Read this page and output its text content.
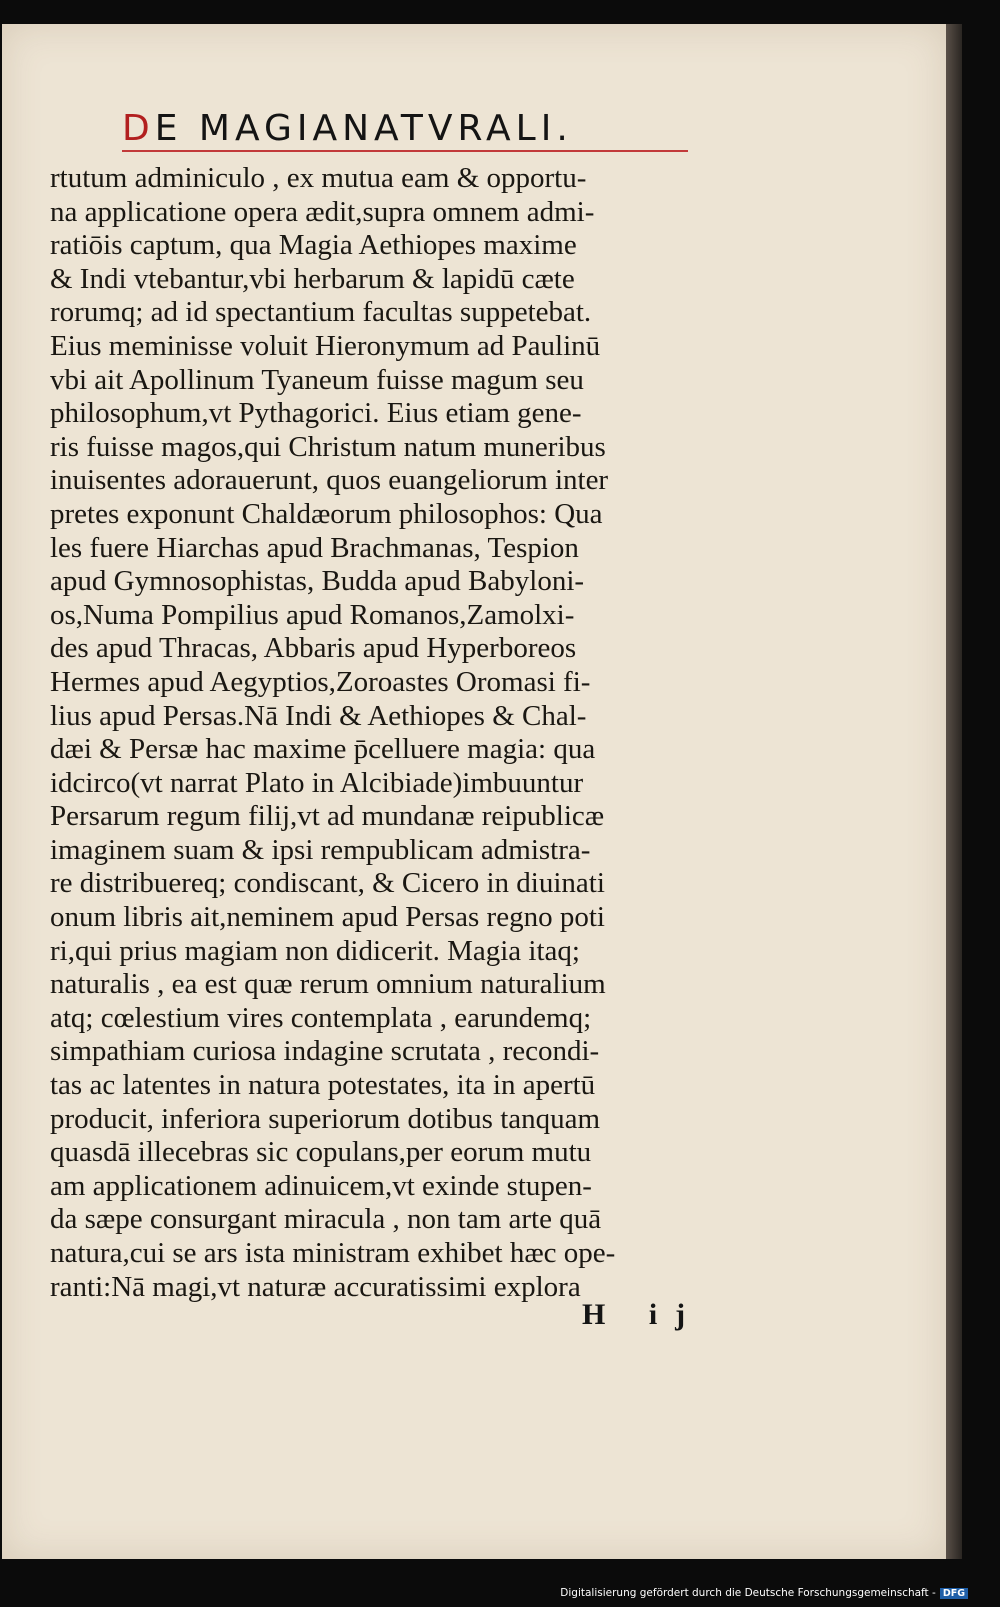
DE MAGIANATVRALI.
rtutum adminiculo , ex mutua eam & opportu-
na applicatione operа ædit,supra omnem admi-
ratiōis captum, qua Magia Aethiopes maxime
& Indi vtebantur,vbi herbarum & lapidū cæte
rorumq; ad id spectantium facultas suppetebat.
Eius meminisse voluit Hieronymum ad Paulinū
vbi ait Apollinum Tyaneum fuisse magum seu
philosophum,vt Pythagorici. Eius etiam gene-
ris fuisse magos,qui Christum natum muneribus
inuisentes adorauerunt, quos euangeliorum inter
pretes exponunt Chaldæorum philosophos: Qua
les fuere Hiarchas apud Brachmanas, Tespion
apud Gymnosophistas, Budda apud Babyloni-
os,Numa Pompilius apud Romanos,Zamolxi-
des apud Thracas, Abbaris apud Hyperboreos
Hermes apud Aegyptios,Zoroastes Oromasi fi-
lius apud Persas.Nā Indi & Aethiopes & Chal-
dæi & Persæ hac maxime p̄celluere magia: qua
idcirco(vt narrat Plato in Alcibiade)imbuuntur
Persarum regum filij,vt ad mundanæ reipublicæ
imaginem suam & ipsi rempublicam admistra-
re distribuereq; condiscant, & Cicero in diuinati
onum libris ait,neminem apud Persas regno poti
ri,qui prius magiam non didicerit. Magia itaq;
naturalis , ea est quæ rerum omnium naturalium
atq; cœlestium vires contemplata , earundemq;
simpathiam curiosa indagine scrutata , recondi-
tas ac latentes in natura potestates, ita in apertū
producit, inferiora superiorum dotibus tanquam
quasdā illecebras sic copulans,per eorum mutu
am applicationem adinuicem,vt exinde stupen-
da sæpe consurgant miracula , non tam arte quā
natura,cui se ars ista ministram exhibet hæc ope-
ranti:Nā magi,vt naturæ accuratissimi explora
H ij
Digitalisierung gefördert durch die Deutsche Forschungsgemeinschaft - DFG
